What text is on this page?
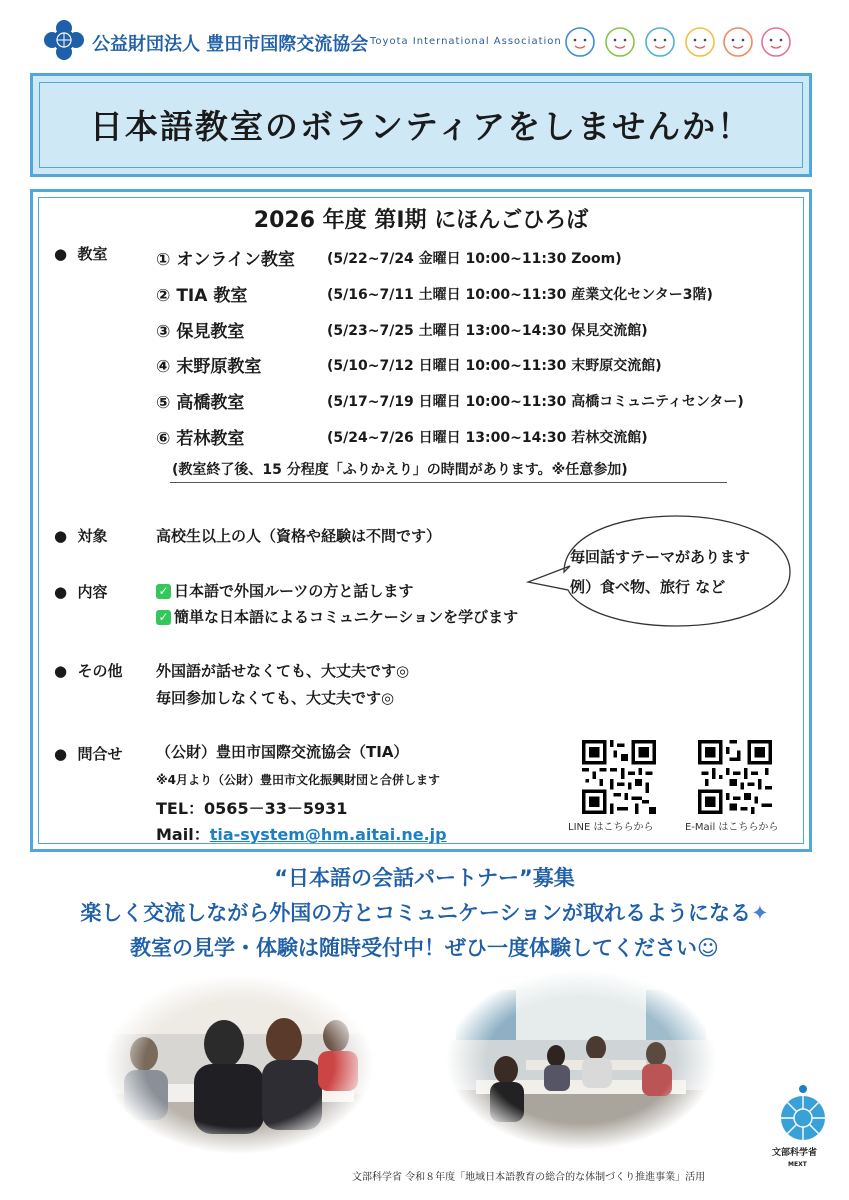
公益財団法人 豊田市国際交流協会 Toyota International Association
日本語教室のボランティアをしませんか！
2026 年度 第Ⅰ期 にほんごひろば
● 教室	① オンライン教室 (5/22~7/24 金曜日 10:00~11:30 Zoom)
② TIA 教室	(5/16~7/11 土曜日 10:00~11:30 産業文化センター3階)
③ 保見教室	(5/23~7/25 土曜日 13:00~14:30 保見交流館)
④ 末野原教室	(5/10~7/12 日曜日 10:00~11:30 末野原交流館)
⑤ 高橋教室	(5/17~7/19 日曜日 10:00~11:30 高橋コミュニティセンター)
⑥ 若林教室	(5/24~7/26 日曜日 13:00~14:30 若林交流館)
(教室終了後、15 分程度「ふりかえり」の時間があります。※任意参加)
● 対象	高校生以上の人（資格や経験は不問です）
● 内容	✓ 日本語で外国ルーツの方と話します
✓ 簡単な日本語によるコミュニケーションを学びます
毎回話すテーマがあります
例）食べ物、旅行 など
● その他 外国語が話せなくても、大丈夫です◎
毎回参加しなくても、大丈夫です◎
● 問合せ （公財）豊田市国際交流協会（TIA）
※4月より（公財）豊田市文化振興財団と合併します
TEL：0565－33－5931
Mail：tia-system@hm.aitai.ne.jp	LINE はこちらから	E-Mail はこちらから
“日本語の会話パートナー”募集
楽しく交流しながら外国の方とコミュニケーションが取れるようになる✦
教室の見学・体験は随時受付中！ぜひ一度体験してください☺
文部科学省
MEXT
文部科学省 令和８年度「地域日本語教育の総合的な体制づくり推進事業」活用
